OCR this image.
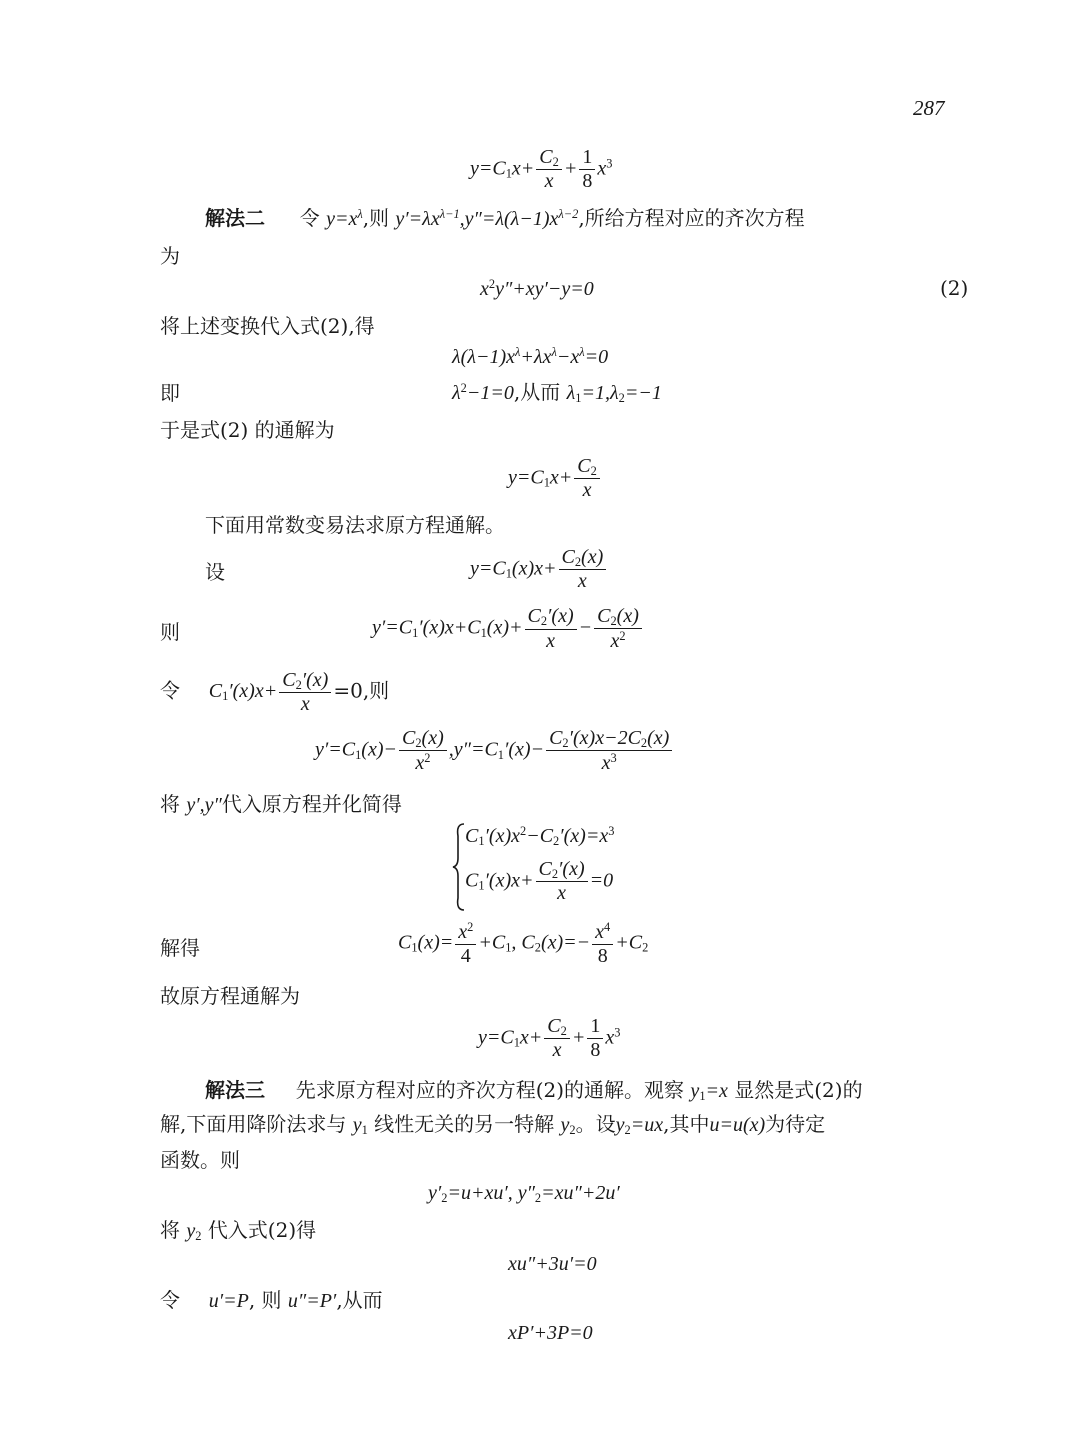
287
$y=C_1x+ \frac{C_2}{x} + \frac{1}{8} x^3$
解法二 令 $y=x^\lambda$,则 $y'=\lambda x^{\lambda-1},y''=\lambda(\lambda-1)x^{\lambda-2}$,所给方程对应的齐次方程
为
$x^2y''+xy'-y=0$	(2)
将上述变换代入式(2),得
$\lambda(\lambda-1)x^\lambda+\lambda x^\lambda-x^\lambda=0$
即	$\lambda^2-1=0$,从而 $\lambda_1=1,\lambda_2=-1$
于是式(2) 的通解为
$y=C_1x+ \frac{C_2}{x}$
下面用常数变易法求原方程通解。
设	$y=C_1(x)x+ \frac{C_2(x)}{x}$
则	$y'=C_1'(x)x+C_1(x)+ \frac{C_2'(x)}{x} - \frac{C_2(x)}{x^2}$
令 $C_1'(x)x+ \frac{C_2'(x)}{x} =0$,则
$y'=C_1(x)- \frac{C_2(x)}{x^2} ,y''=C_1'(x)- \frac{C_2'(x)x-2C_2(x)}{x^3}$
将 y′,y″代入原方程并化简得
$C_1'(x)x^2-C_2'(x)=x^3$
$C_1'(x)x+ \frac{C_2'(x)}{x} =0$
解得	$C_1(x)= \frac{x^2}{4} +C_1$, $C_2(x)=- \frac{x^4}{8} +C_2$
故原方程通解为
$y=C_1x+ \frac{C_2}{x} + \frac{1}{8} x^3$
解法三 先求原方程对应的齐次方程(2)的通解。观察 $y_1=x$ 显然是式(2)的
解,下面用降阶法求与 $y_1$ 线性无关的另一特解 $y_2$。设$y_2=ux$,其中u=u(x)为待定
函数。则
$y'_2=u+xu'$, $y''_2=xu''+2u'$
将 $y_2$ 代入式(2)得
xu″+3u′=0
令 u′=P, 则 u″=P′,从而
xP′+3P=0
